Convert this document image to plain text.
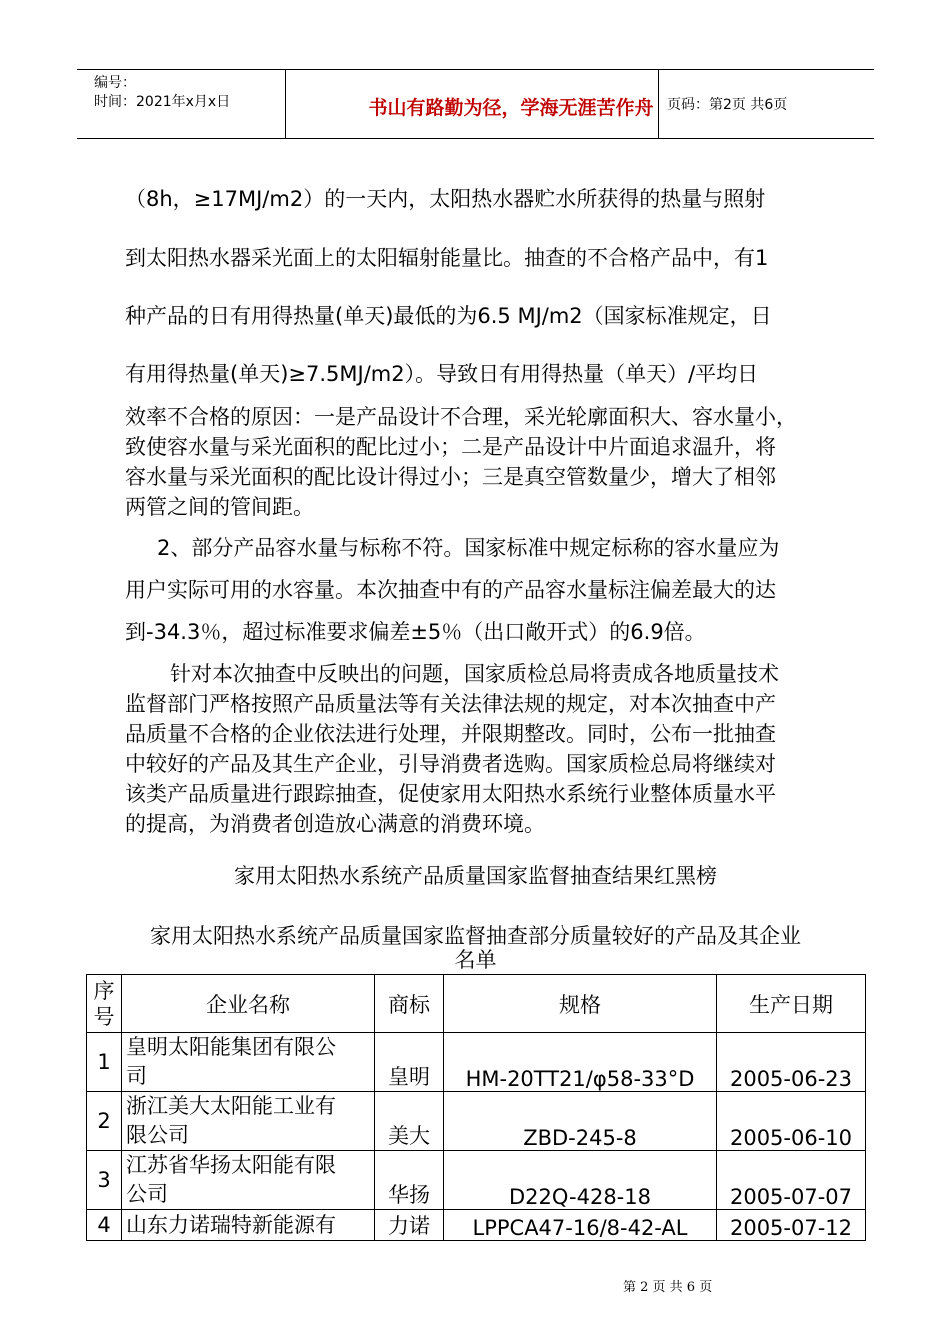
编号：
时间：2021年x月x日	书山有路勤为径，学海无涯苦作舟 页码：第2页 共6页
（8h，≥17MJ/m2）的一天内，太阳热水器贮水所获得的热量与照射
到太阳热水器采光面上的太阳辐射能量比。抽查的不合格产品中，有1
种产品的日有用得热量(单天)最低的为6.5 MJ/m2（国家标准规定，日
有用得热量(单天)≥7.5MJ/m2）。导致日有用得热量（单天）/平均日
效率不合格的原因：一是产品设计不合理，采光轮廓面积大、容水量小，
致使容水量与采光面积的配比过小；二是产品设计中片面追求温升，将
容水量与采光面积的配比设计得过小；三是真空管数量少，增大了相邻
两管之间的管间距。
2、部分产品容水量与标称不符。国家标准中规定标称的容水量应为
用户实际可用的水容量。本次抽查中有的产品容水量标注偏差最大的达
到-34.3％，超过标准要求偏差±5％（出口敞开式）的6.9倍。
针对本次抽查中反映出的问题，国家质检总局将责成各地质量技术
监督部门严格按照产品质量法等有关法律法规的规定，对本次抽查中产
品质量不合格的企业依法进行处理，并限期整改。同时，公布一批抽查
中较好的产品及其生产企业，引导消费者选购。国家质检总局将继续对
该类产品质量进行跟踪抽查，促使家用太阳热水系统行业整体质量水平
的提高，为消费者创造放心满意的消费环境。
家用太阳热水系统产品质量国家监督抽查结果红黑榜
家用太阳热水系统产品质量国家监督抽查部分质量较好的产品及其企业
名单
序
号	企业名称	商标	规格	生产日期
1	皇明太阳能集团有限公
司	皇明	HM-20TT21/φ58-33°D	2005-06-23
2	浙江美大太阳能工业有
限公司	美大	ZBD-245-8	2005-06-10
3	江苏省华扬太阳能有限
公司	华扬	D22Q-428-18	2005-07-07
4	山东力诺瑞特新能源有	力诺	LPPCA47-16/8-42-AL	2005-07-12
第 2 页 共 6 页
